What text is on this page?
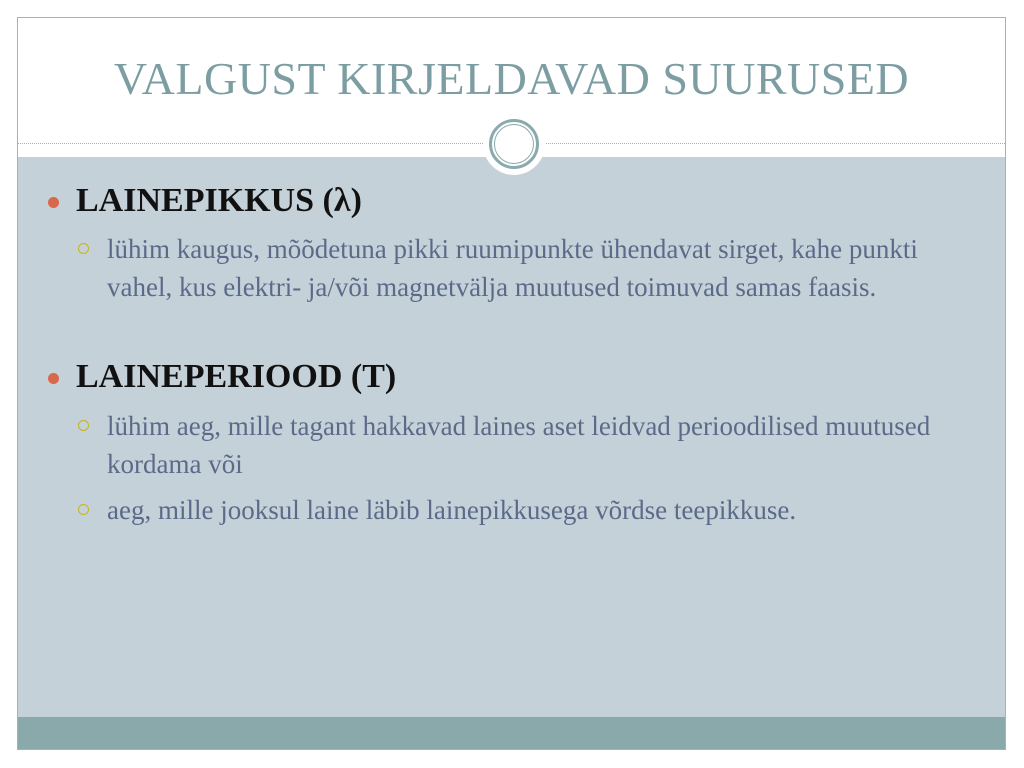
VALGUST KIRJELDAVAD SUURUSED
LAINEPIKKUS (λ)
lühim kaugus, mõõdetuna pikki ruumipunkte ühendavat sirget, kahe punkti vahel, kus elektri- ja/või magnetvälja muutused toimuvad samas faasis.
LAINEPERIOOD (T)
lühim aeg, mille tagant hakkavad laines aset leidvad perioodilised muutused kordama või
aeg, mille jooksul laine läbib lainepikkusega võrdse teepikkuse.
